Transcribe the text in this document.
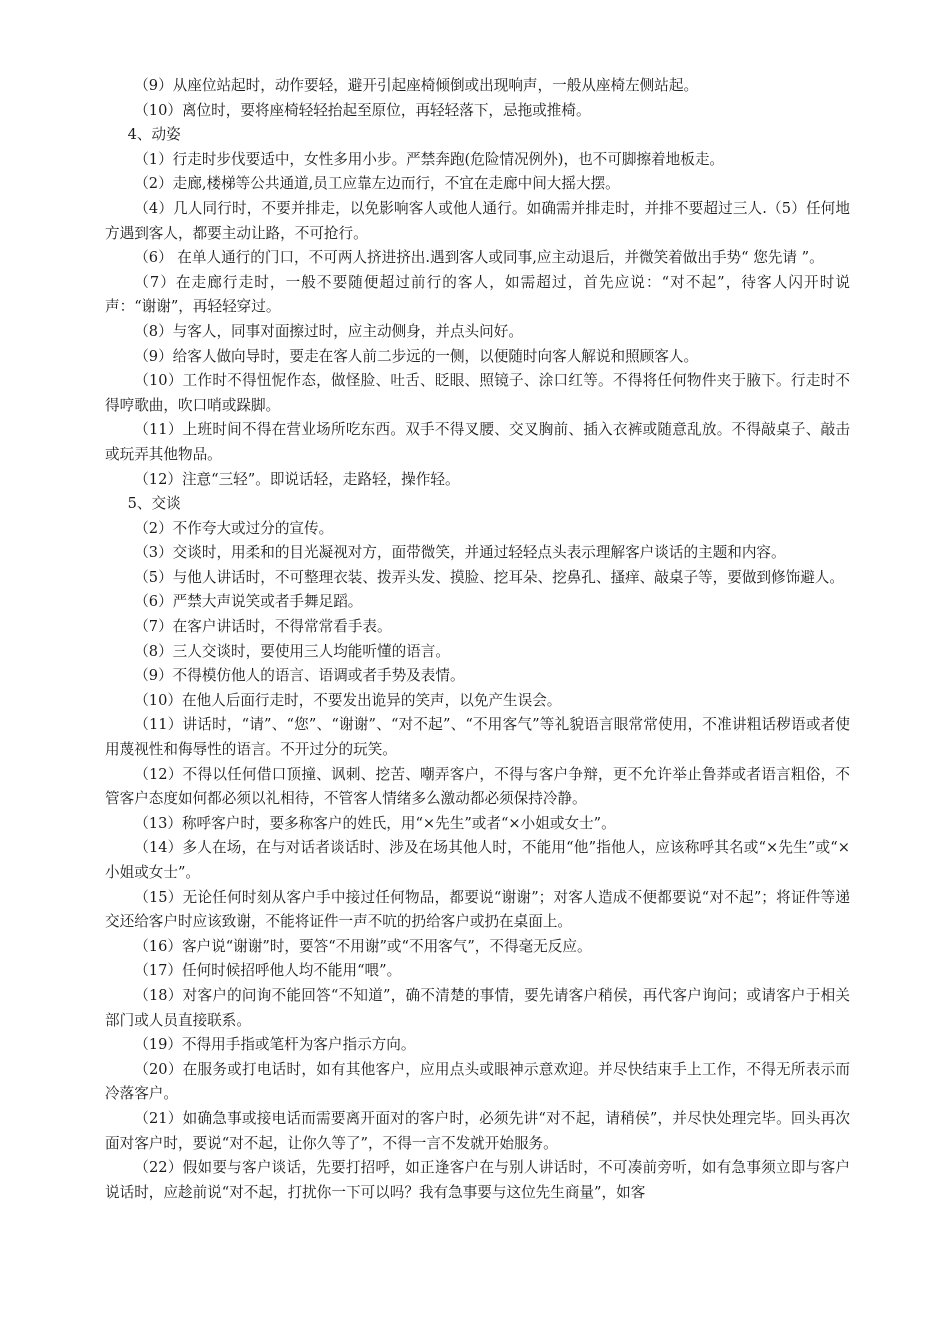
（9）从座位站起时，动作要轻，避开引起座椅倾倒或出现响声，一般从座椅左侧站起。

（10）离位时，要将座椅轻轻抬起至原位，再轻轻落下，忌拖或推椅。

4、动姿

（1）行走时步伐要适中，女性多用小步。严禁奔跑(危险情况例外)，也不可脚擦着地板走。

（2）走廊,楼梯等公共通道,员工应靠左边而行，不宜在走廊中间大摇大摆。

（4）几人同行时，不要并排走，以免影响客人或他人通行。如确需并排走时，并排不要超过三人.（5）任何地方遇到客人，都要主动让路，不可抢行。

（6） 在单人通行的门口，不可两人挤进挤出.遇到客人或同事,应主动退后，并微笑着做出手势“ 您先请 ”。

（7）在走廊行走时，一般不要随便超过前行的客人，如需超过，首先应说：“对不起”，待客人闪开时说声：“谢谢”，再轻轻穿过。

（8）与客人，同事对面擦过时，应主动侧身，并点头问好。

（9）给客人做向导时，要走在客人前二步远的一侧，以便随时向客人解说和照顾客人。

（10）工作时不得忸怩作态，做怪脸、吐舌、眨眼、照镜子、涂口红等。不得将任何物件夹于腋下。行走时不得哼歌曲，吹口哨或跺脚。

（11）上班时间不得在营业场所吃东西。双手不得叉腰、交叉胸前、插入衣裤或随意乱放。不得敲桌子、敲击或玩弄其他物品。

（12）注意“三轻”。即说话轻，走路轻，操作轻。

5、交谈

（2）不作夸大或过分的宣传。

（3）交谈时，用柔和的目光凝视对方，面带微笑，并通过轻轻点头表示理解客户谈话的主题和内容。

（5）与他人讲话时，不可整理衣装、拨弄头发、摸脸、挖耳朵、挖鼻孔、搔痒、敲桌子等，要做到修饰避人。

（6）严禁大声说笑或者手舞足蹈。

（7）在客户讲话时，不得常常看手表。

（8）三人交谈时，要使用三人均能听懂的语言。

（9）不得模仿他人的语言、语调或者手势及表情。

（10）在他人后面行走时，不要发出诡异的笑声，以免产生误会。

（11）讲话时，“请”、“您”、“谢谢”、“对不起”、“不用客气”等礼貌语言眼常常使用，不准讲粗话秽语或者使用蔑视性和侮辱性的语言。不开过分的玩笑。

（12）不得以任何借口顶撞、讽刺、挖苦、嘲弄客户，不得与客户争辩，更不允许举止鲁莽或者语言粗俗，不管客户态度如何都必须以礼相待，不管客人情绪多么激动都必须保持冷静。

（13）称呼客户时，要多称客户的姓氏，用“×先生”或者“×小姐或女士”。

（14）多人在场，在与对话者谈话时、涉及在场其他人时，不能用“他”指他人，应该称呼其名或“×先生”或“×小姐或女士”。

（15）无论任何时刻从客户手中接过任何物品，都要说“谢谢”；对客人造成不便都要说“对不起”；将证件等递交还给客户时应该致谢，不能将证件一声不吭的扔给客户或扔在桌面上。

（16）客户说“谢谢”时，要答“不用谢”或“不用客气”，不得毫无反应。

（17）任何时候招呼他人均不能用“喂”。

（18）对客户的问询不能回答“不知道”，确不清楚的事情，要先请客户稍侯，再代客户询问；或请客户于相关部门或人员直接联系。

（19）不得用手指或笔杆为客户指示方向。

（20）在服务或打电话时，如有其他客户，应用点头或眼神示意欢迎。并尽快结束手上工作，不得无所表示而冷落客户。

（21）如确急事或接电话而需要离开面对的客户时，必须先讲“对不起，请稍侯”，并尽快处理完毕。回头再次面对客户时，要说“对不起，让你久等了”，不得一言不发就开始服务。

（22）假如要与客户谈话，先要打招呼，如正逢客户在与别人讲话时，不可凑前旁听，如有急事须立即与客户说话时，应趁前说“对不起，打扰你一下可以吗？我有急事要与这位先生商量”，如客
